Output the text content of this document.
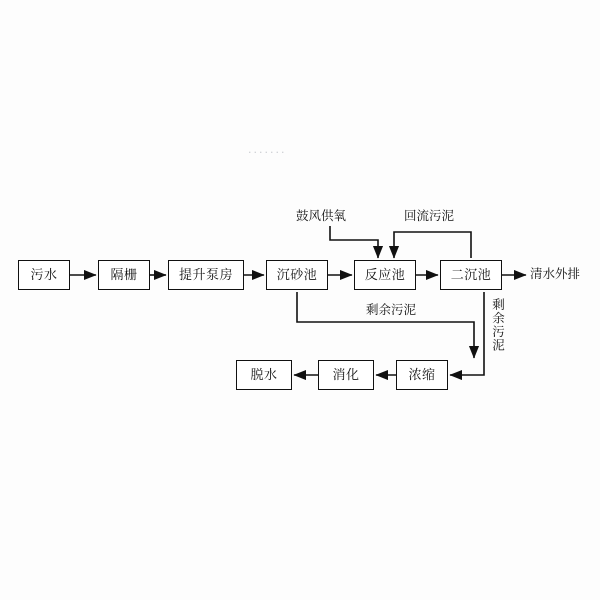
·······
污水	隔栅	提升泵房	沉砂池	反应池	二沉池
浓缩
消化
脱水
鼓风供氧	回流污泥
清水外排
剩余污泥	剩余污泥
